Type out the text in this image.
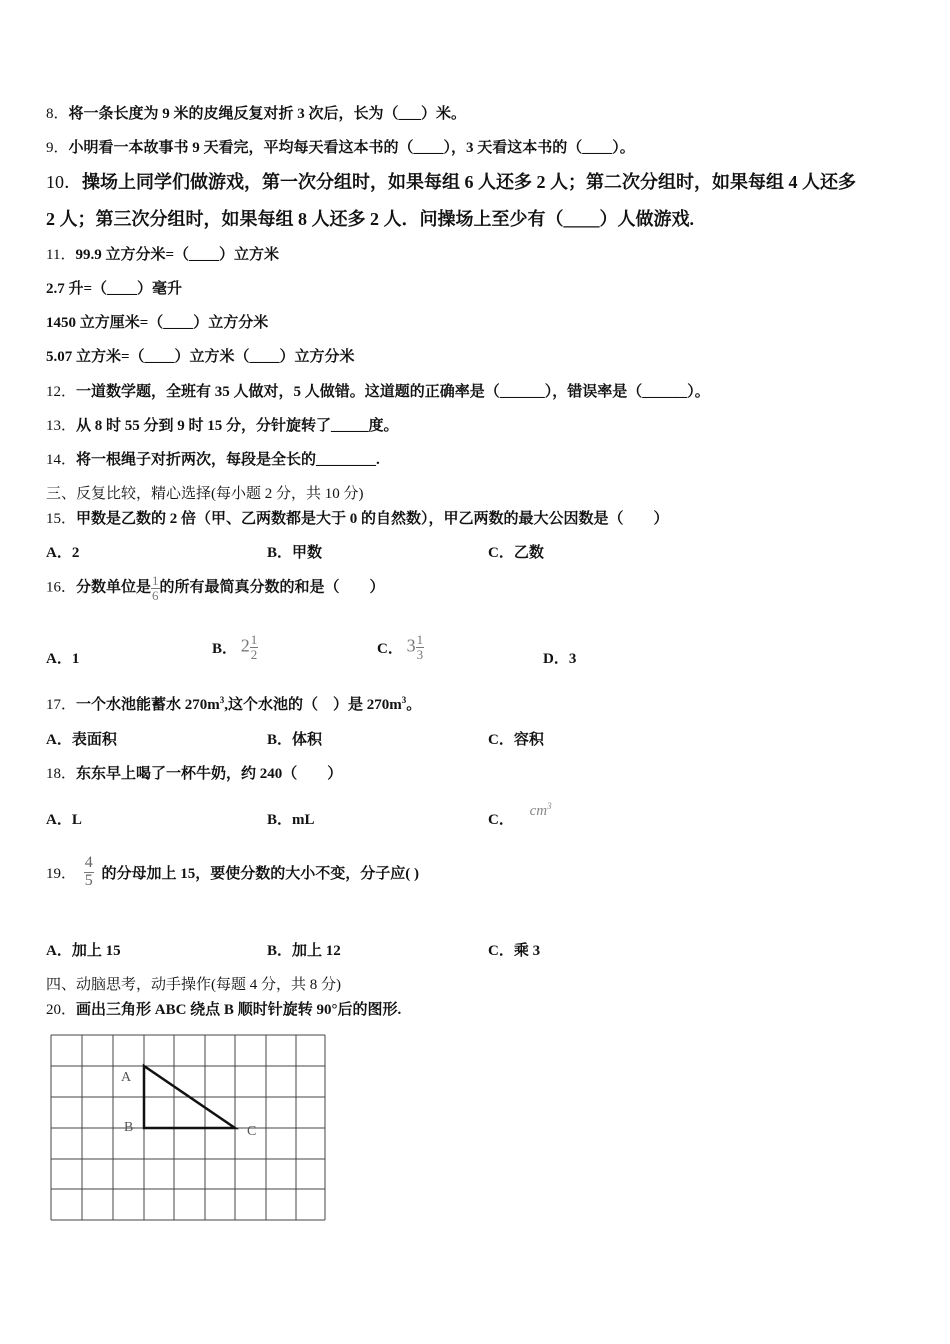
8．将一条长度为 9 米的皮绳反复对折 3 次后，长为（___）米。
9．小明看一本故事书 9 天看完，平均每天看这本书的（____），3 天看这本书的（____）。
10．操场上同学们做游戏，第一次分组时，如果每组 6 人还多 2 人；第二次分组时，如果每组 4 人还多
2 人；第三次分组时，如果每组 8 人还多 2 人．问操场上至少有（____）人做游戏.
11．99.9 立方分米=（____）立方米
2.7 升=（____）毫升
1450 立方厘米=（____）立方分米
5.07 立方米=（____）立方米（____）立方分米
12．一道数学题，全班有 35 人做对，5 人做错。这道题的正确率是（______），错误率是（______）。
13．从 8 时 55 分到 9 时 15 分，分针旋转了_____度。
14．将一根绳子对折两次，每段是全长的________.
三、反复比较，精心选择(每小题 2 分，共 10 分)
15．甲数是乙数的 2 倍（甲、乙两数都是大于 0 的自然数），甲乙两数的最大公因数是（　　）
A．2	B．甲数	C．乙数
16．分数单位是 $\frac{1}{6}$ 的所有最简真分数的和是（　　）
A．1
B． $2 \frac{1}{2}$	C． $3 \frac{1}{3}$	D．3
17．一个水池能蓄水 $270m^3$,这个水池的（　）是 $270m^3$。
A．表面积	B．体积	C．容积
18．东东早上喝了一杯牛奶，约 240（　　）
A．L	B．mL	C． $cm^3$
19． $\frac{4}{5}$ 的分母加上 15，要使分数的大小不变，分子应( )
A．加上 15	B．加上 12	C．乘 3
四、动脑思考，动手操作(每题 4 分，共 8 分)
20．画出三角形 ABC 绕点 B 顺时针旋转 90°后的图形.
A
B	C
